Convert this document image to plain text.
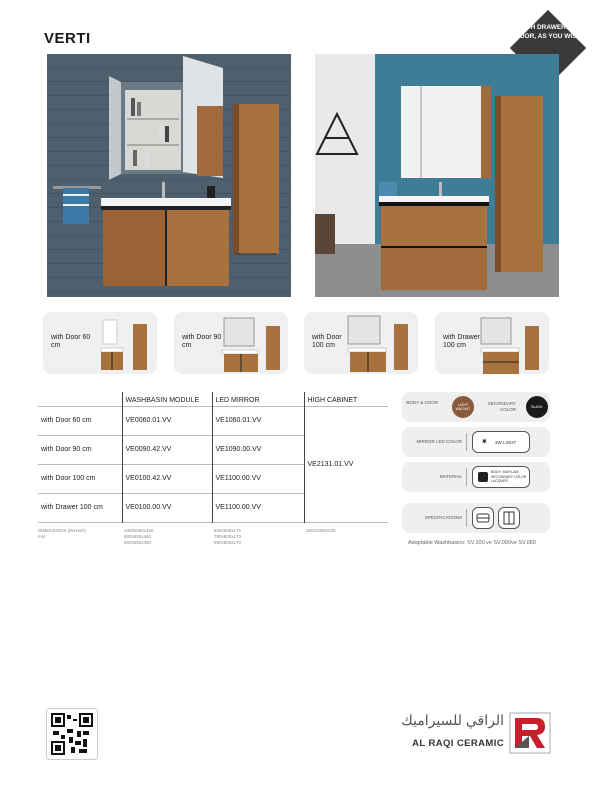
VERTI
WITH DRAWER OR DOOR, AS YOU WISH
with Door 60 cm
with Door 90 cm
with Door 100 cm
with Drawer 100 cm
	WASHBASIN MODULE	LED MIRROR	HIGH CABINET
with Door 60 cm	VE0060.01.VV	VE1060.01.VV	VE2131.01.VV
with Door 90 cm	VE0090.42.VV	VE1090.00.VV	
with Door 100 cm	VE0100.42.VV	VE1100.00.VV	
with Drawer 100 cm	VE0100.00.VV	VE1100.00.VV	
DIMENSIONS (WxHxD) mm
1000x650x450 900x650x450 600x650x450
940x800x170 790x800x170 590x800x170
350x1300x330
BODY & DOOR	LIGHT WALNUT
SECONDARY COLOR	BLACK
MIRROR LED COLOR ✷ 3W LIGHT
MATERIAL
BODY: MDF/LAM SECONDARY COLOR LACQUER
SPECIFICATIONS
Adaptable Washbasins: SV.100 ve SV.090ve SV.060
الراقي للسيراميك
AL RAQI CERAMIC
